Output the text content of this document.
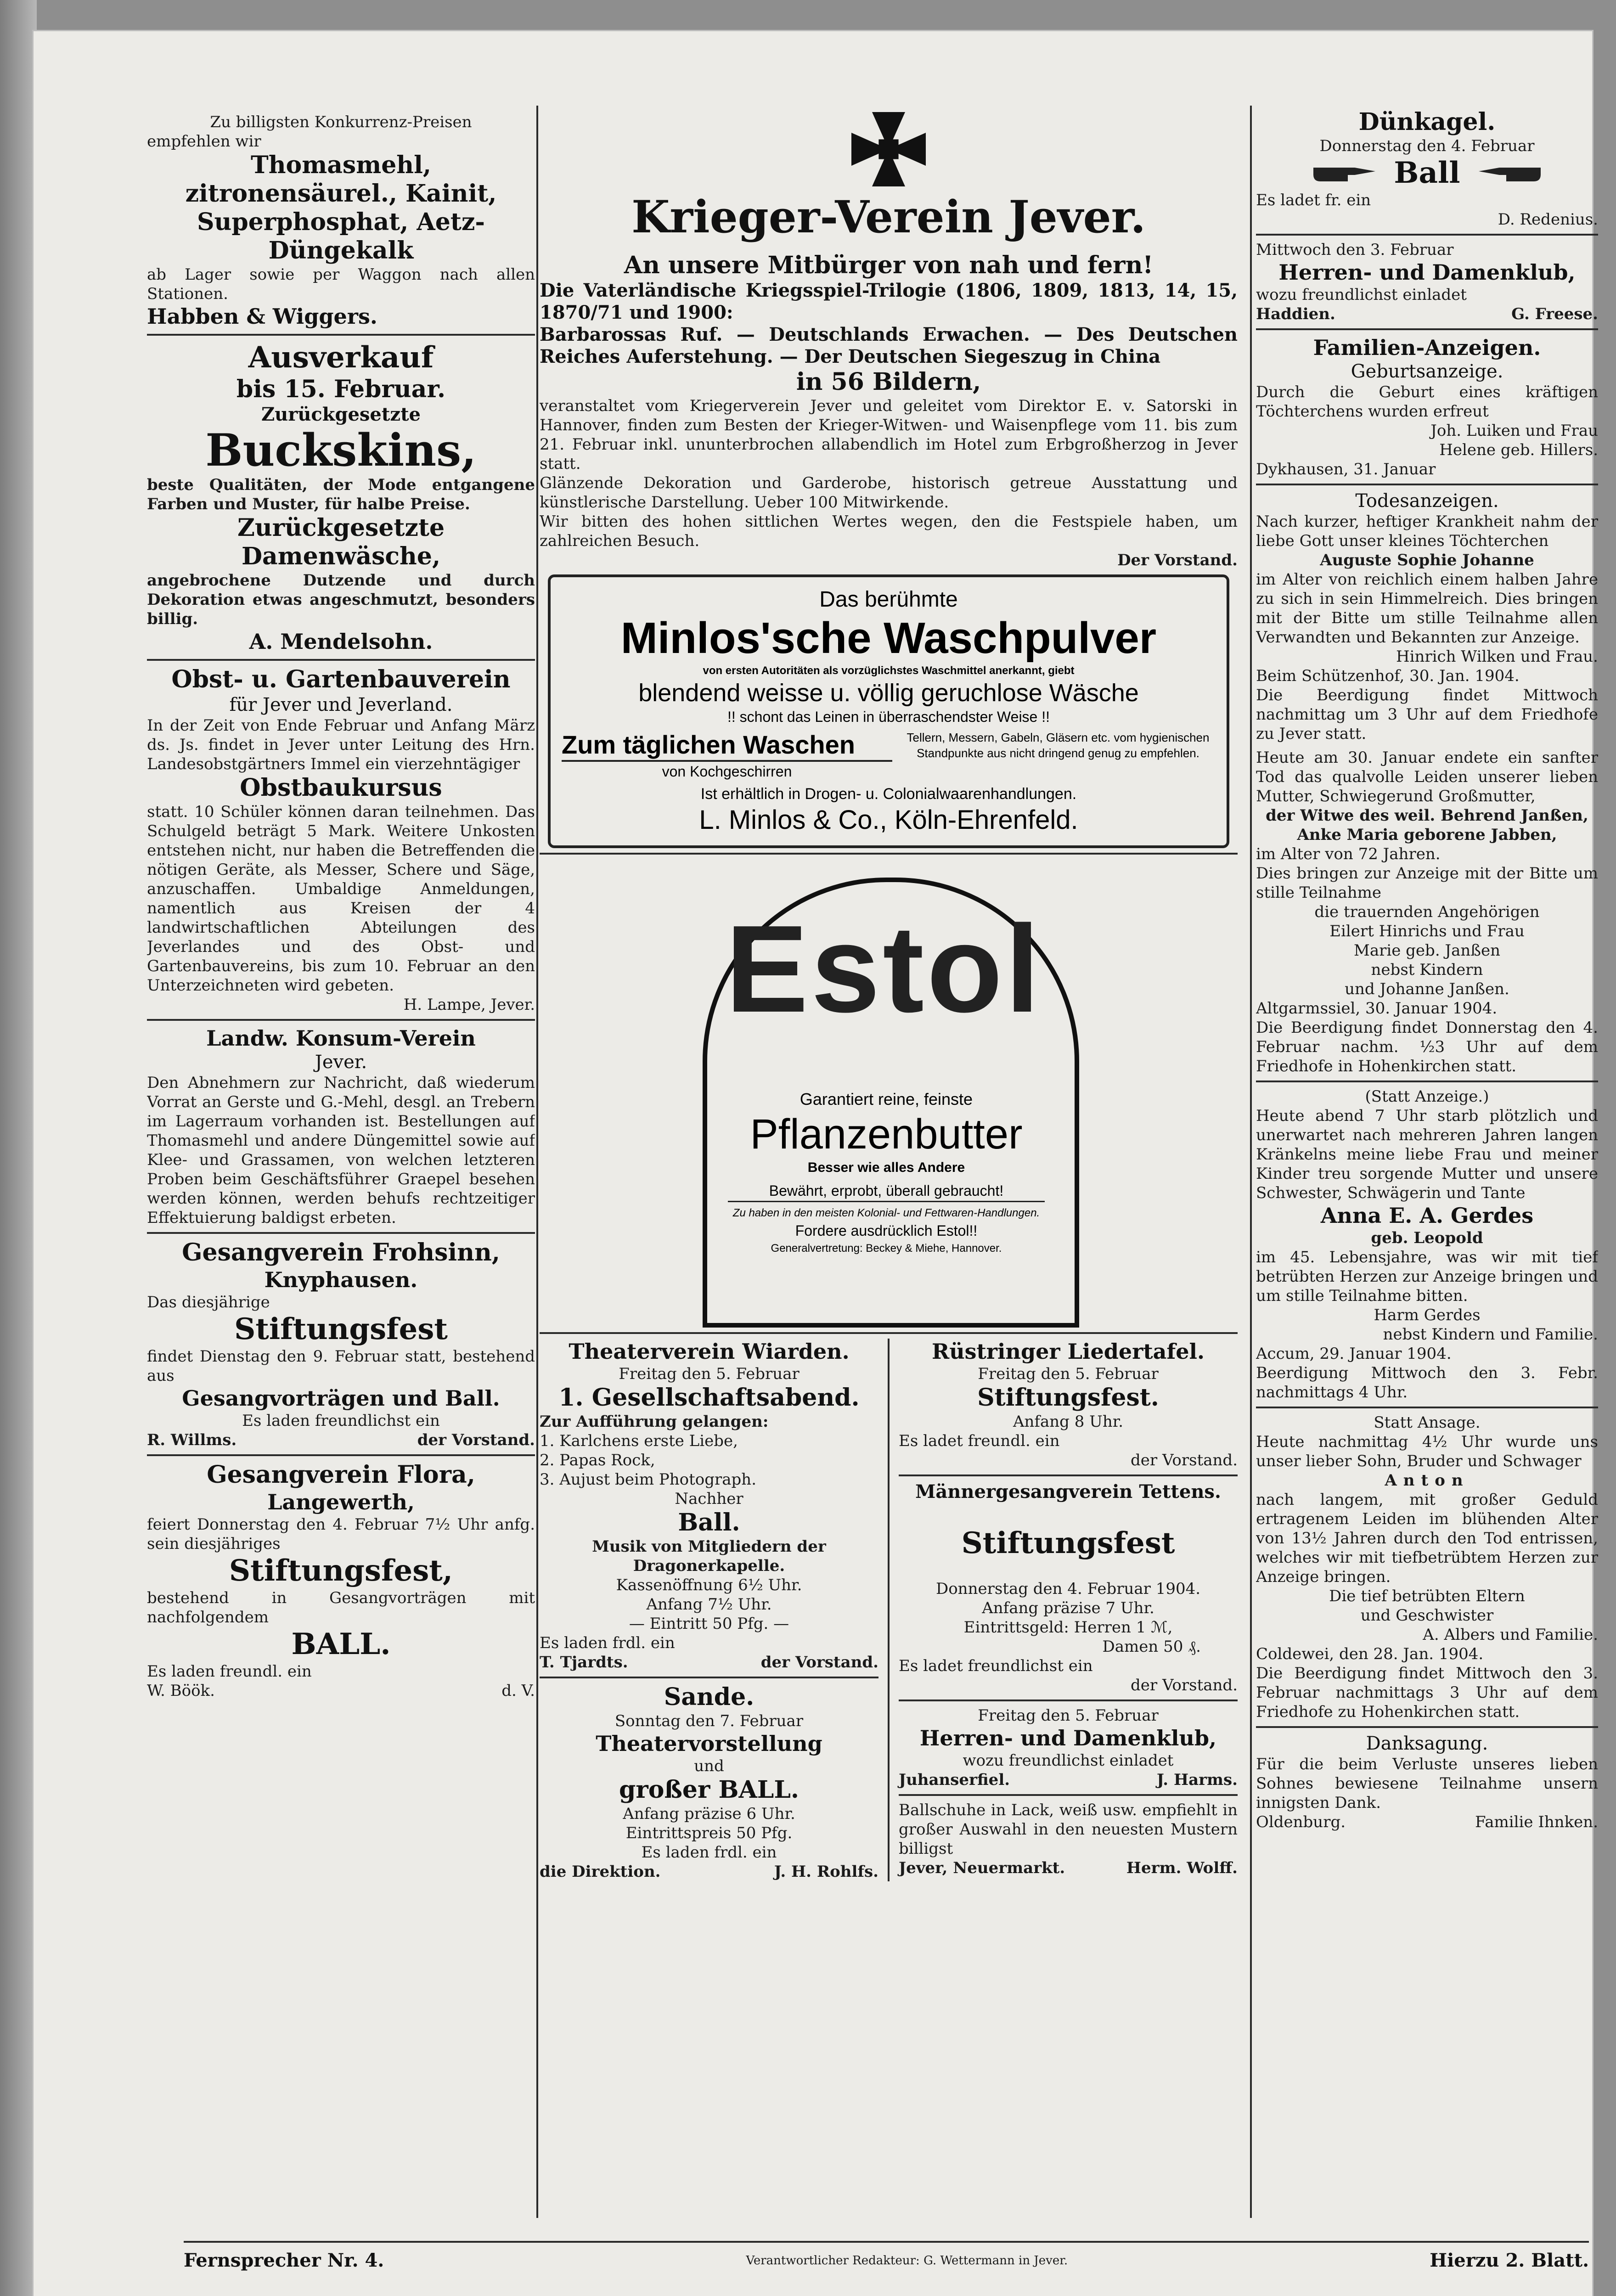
Zu billigsten Konkurrenz-Preisen
empfehlen wir
Thomasmehl, zitronensäurel., Kainit, Superphosphat, Aetz-Düngekalk
ab Lager sowie per Waggon nach allen Stationen.
Habben & Wiggers.
Ausverkauf
bis 15. Februar.
Zurückgesetzte
Buckskins,
beste Qualitäten, der Mode entgangene Farben und Muster, für halbe Preise.
Zurückgesetzte
Damenwäsche,
angebrochene Dutzende und durch Dekoration etwas angeschmutzt, besonders billig.
A. Mendelsohn.
Obst- u. Gartenbauverein
für Jever und Jeverland.
In der Zeit von Ende Februar und Anfang März ds. Js. findet in Jever unter Leitung des Hrn. Landesobstgärtners Immel ein vierzehntägiger
Obstbaukursus
statt. 10 Schüler können daran teilnehmen. Das Schulgeld beträgt 5 Mark. Weitere Unkosten entstehen nicht, nur haben die Betreffenden die nötigen Geräte, als Messer, Schere und Säge, anzuschaffen. Umbaldige Anmeldungen, namentlich aus Kreisen der 4 landwirtschaftlichen Abteilungen des Jeverlandes und des Obst- und Gartenbauvereins, bis zum 10. Februar an den Unterzeichneten wird gebeten.
H. Lampe, Jever.
Landw. Konsum-Verein
Jever.
Den Abnehmern zur Nachricht, daß wiederum Vorrat an Gerste und G.-Mehl, desgl. an Trebern im Lagerraum vorhanden ist. Bestellungen auf Thomasmehl und andere Düngemittel sowie auf Klee- und Grassamen, von welchen letzteren Proben beim Geschäftsführer Graepel besehen werden können, werden behufs rechtzeitiger Effektuierung baldigst erbeten.
Gesangverein Frohsinn,
Knyphausen.
Das diesjährige
Stiftungsfest
findet Dienstag den 9. Februar statt, bestehend aus
Gesangvorträgen und Ball.
Es laden freundlichst ein
R. Willms.	der Vorstand.
Gesangverein Flora,
Langewerth,
feiert Donnerstag den 4. Februar 7½ Uhr anfg. sein diesjähriges
Stiftungsfest,
bestehend in Gesangvorträgen mit nachfolgendem
BALL.
Es laden freundl. ein
W. Böök.	d. V.
Krieger-Verein Jever.
An unsere Mitbürger von nah und fern!
Die Vaterländische Kriegsspiel-Trilogie (1806, 1809, 1813, 14, 15, 1870/71 und 1900:
Barbarossas Ruf. — Deutschlands Erwachen. — Des Deutschen Reiches Auferstehung. — Der Deutschen Siegeszug in China
in 56 Bildern,
veranstaltet vom Kriegerverein Jever und geleitet vom Direktor E. v. Satorski in Hannover, finden zum Besten der Krieger-Witwen- und Waisenpflege vom 11. bis zum 21. Februar inkl. ununterbrochen allabendlich im Hotel zum Erbgroßherzog in Jever statt.
Glänzende Dekoration und Garderobe, historisch getreue Ausstattung und künstlerische Darstellung. Ueber 100 Mitwirkende.
Wir bitten des hohen sittlichen Wertes wegen, den die Festspiele haben, um zahlreichen Besuch.
Der Vorstand.
Das berühmte
Minlos'sche Waschpulver
von ersten Autoritäten als vorzüglichstes Waschmittel anerkannt, giebt
blendend weisse u. völlig geruchlose Wäsche
!! schont das Leinen in überraschendster Weise !!
Zum täglichen Waschen
von Kochgeschirren
Tellern, Messern, Gabeln, Gläsern etc. vom hygienischen Standpunkte aus nicht dringend genug zu empfehlen.
Ist erhältlich in Drogen- u. Colonialwaarenhandlungen.
L. Minlos & Co., Köln-Ehrenfeld.
Estol
Garantiert reine, feinste
Pflanzenbutter
Besser wie alles Andere
Bewährt, erprobt, überall gebraucht!
Zu haben in den meisten Kolonial- und Fettwaren-Handlungen.
Fordere ausdrücklich Estol!!
Generalvertretung: Beckey & Miehe, Hannover.
Theaterverein Wiarden.
Freitag den 5. Februar
1. Gesellschaftsabend.
Zur Aufführung gelangen:
1. Karlchens erste Liebe,
2. Papas Rock,
3. Aujust beim Photograph.
Nachher
Ball.
Musik von Mitgliedern der Dragonerkapelle.
Kassenöffnung 6½ Uhr.
Anfang 7½ Uhr.
— Eintritt 50 Pfg. —
Es laden frdl. ein
T. Tjardts.	der Vorstand.
Sande.
Sonntag den 7. Februar
Theatervorstellung
und
großer BALL.
Anfang präzise 6 Uhr.
Eintrittspreis 50 Pfg.
Es laden frdl. ein
die Direktion.	J. H. Rohlfs.
Rüstringer Liedertafel.
Freitag den 5. Februar
Stiftungsfest.
Anfang 8 Uhr.
Es ladet freundl. ein
der Vorstand.
Männergesangverein Tettens.
Stiftungsfest
Donnerstag den 4. Februar 1904.
Anfang präzise 7 Uhr.
Eintrittsgeld: Herren 1 ℳ,
Damen 50 ₰.
Es ladet freundlichst ein
der Vorstand.
Freitag den 5. Februar
Herren- und Damenklub,
wozu freundlichst einladet
Juhanserfiel.	J. Harms.
Ballschuhe in Lack, weiß usw. empfiehlt in großer Auswahl in den neuesten Mustern billigst
Jever, Neuermarkt.	Herm. Wolff.
Dünkagel.
Donnerstag den 4. Februar
Ball
Es ladet fr. ein
D. Redenius.
Mittwoch den 3. Februar
Herren- und Damenklub,
wozu freundlichst einladet
Haddien.	G. Freese.
Familien-Anzeigen.
Geburtsanzeige.
Durch die Geburt eines kräftigen Töchterchens wurden erfreut
Joh. Luiken und Frau
Helene geb. Hillers.
Dykhausen, 31. Januar
Todesanzeigen.
Nach kurzer, heftiger Krankheit nahm der liebe Gott unser kleines Töchterchen
Auguste Sophie Johanne
im Alter von reichlich einem halben Jahre zu sich in sein Himmelreich. Dies bringen mit der Bitte um stille Teilnahme allen Verwandten und Bekannten zur Anzeige.
Hinrich Wilken und Frau.
Beim Schützenhof, 30. Jan. 1904.
Die Beerdigung findet Mittwoch nachmittag um 3 Uhr auf dem Friedhofe zu Jever statt.
Heute am 30. Januar endete ein sanfter Tod das qualvolle Leiden unserer lieben Mutter, Schwiegerund Großmutter,
der Witwe des weil. Behrend Janßen, Anke Maria geborene Jabben,
im Alter von 72 Jahren.
Dies bringen zur Anzeige mit der Bitte um stille Teilnahme
die trauernden Angehörigen
Eilert Hinrichs und Frau
Marie geb. Janßen
nebst Kindern
und Johanne Janßen.
Altgarmssiel, 30. Januar 1904.
Die Beerdigung findet Donnerstag den 4. Februar nachm. ½3 Uhr auf dem Friedhofe in Hohenkirchen statt.
(Statt Anzeige.)
Heute abend 7 Uhr starb plötzlich und unerwartet nach mehreren Jahren langen Kränkelns meine liebe Frau und meiner Kinder treu sorgende Mutter und unsere Schwester, Schwägerin und Tante
Anna E. A. Gerdes
geb. Leopold
im 45. Lebensjahre, was wir mit tief betrübten Herzen zur Anzeige bringen und um stille Teilnahme bitten.
Harm Gerdes
nebst Kindern und Familie.
Accum, 29. Januar 1904.
Beerdigung Mittwoch den 3. Febr. nachmittags 4 Uhr.
Statt Ansage.
Heute nachmittag 4½ Uhr wurde uns unser lieber Sohn, Bruder und Schwager
Anton
nach langem, mit großer Geduld ertragenem Leiden im blühenden Alter von 13½ Jahren durch den Tod entrissen, welches wir mit tiefbetrübtem Herzen zur Anzeige bringen.
Die tief betrübten Eltern
und Geschwister
A. Albers und Familie.
Coldewei, den 28. Jan. 1904.
Die Beerdigung findet Mittwoch den 3. Februar nachmittags 3 Uhr auf dem Friedhofe zu Hohenkirchen statt.
Danksagung.
Für die beim Verluste unseres lieben Sohnes bewiesene Teilnahme unsern innigsten Dank.
Oldenburg.	Familie Ihnken.
Fernsprecher Nr. 4.	Verantwortlicher Redakteur: G. Wettermann in Jever.	Hierzu 2. Blatt.
